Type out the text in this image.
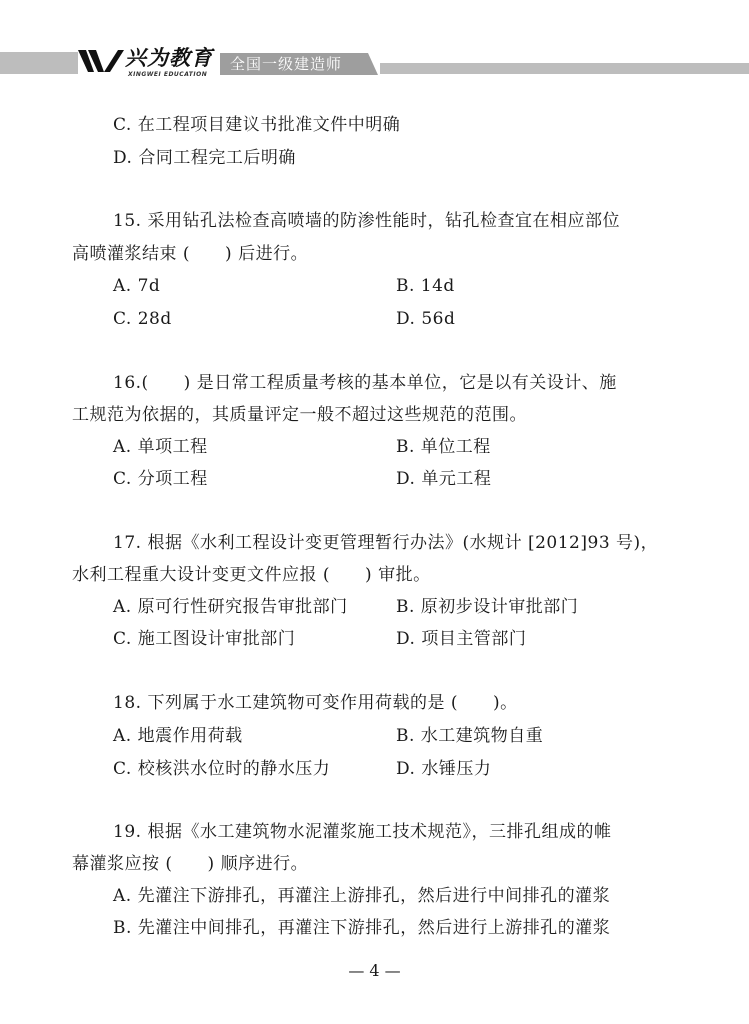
兴为教育
XINGWEI EDUCATION
全国一级建造师
C. 在工程项目建议书批准文件中明确
D. 合同工程完工后明确
15. 采用钻孔法检查高喷墙的防渗性能时，钻孔检查宜在相应部位
高喷灌浆结束 (　　) 后进行。
A. 7d	B. 14d
C. 28d	D. 56d
16.(　　) 是日常工程质量考核的基本单位，它是以有关设计、施
工规范为依据的，其质量评定一般不超过这些规范的范围。
A. 单项工程	B. 单位工程
C. 分项工程	D. 单元工程
17. 根据《水利工程设计变更管理暂行办法》(水规计 [2012]93 号)，
水利工程重大设计变更文件应报 (　　) 审批。
A. 原可行性研究报告审批部门	B. 原初步设计审批部门
C. 施工图设计审批部门	D. 项目主管部门
18. 下列属于水工建筑物可变作用荷载的是 (　　)。
A. 地震作用荷载	B. 水工建筑物自重
C. 校核洪水位时的静水压力	D. 水锤压力
19. 根据《水工建筑物水泥灌浆施工技术规范》，三排孔组成的帷
幕灌浆应按 (　　) 顺序进行。
A. 先灌注下游排孔，再灌注上游排孔，然后进行中间排孔的灌浆
B. 先灌注中间排孔，再灌注下游排孔，然后进行上游排孔的灌浆
— 4 —
